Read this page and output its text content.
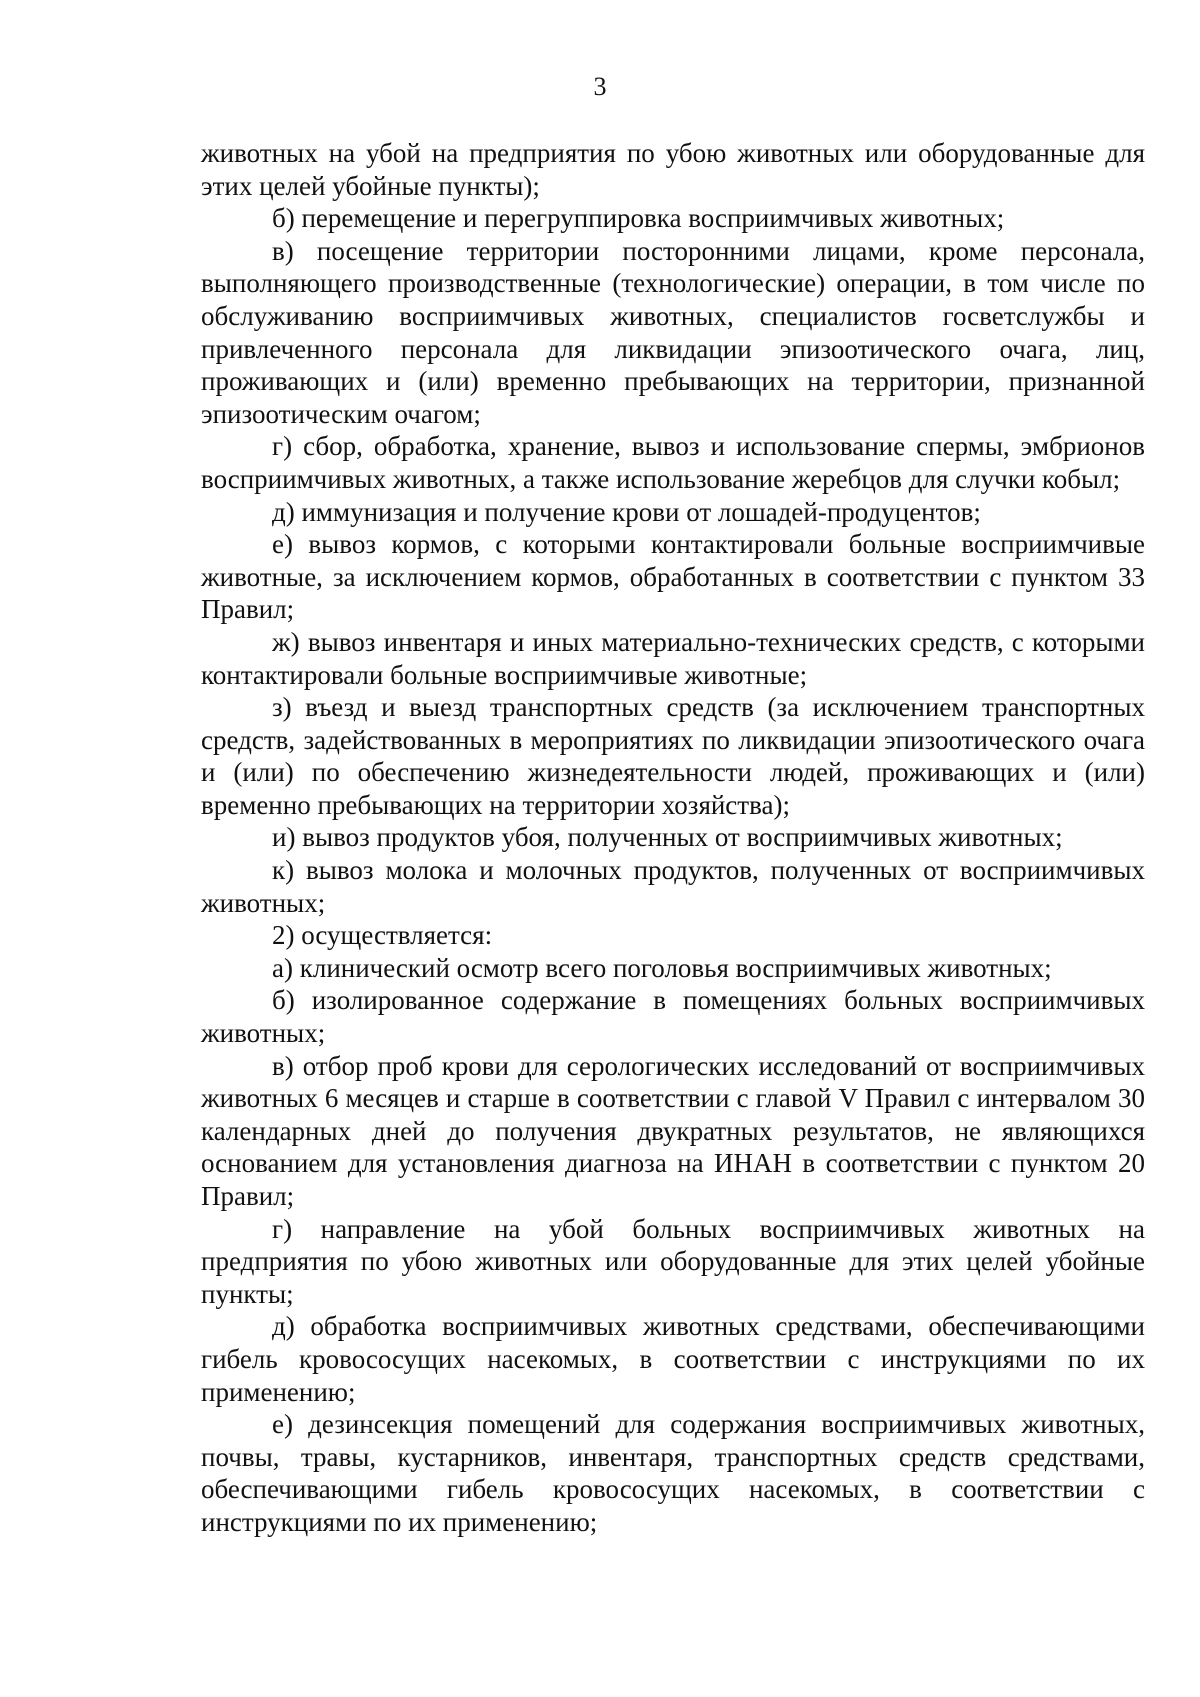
3

животных на убой на предприятия по убою животных или оборудованные для этих целей убойные пункты);

б) перемещение и перегруппировка восприимчивых животных;

в) посещение территории посторонними лицами, кроме персонала, выполняющего производственные (технологические) операции, в том числе по обслуживанию восприимчивых животных, специалистов госветслужбы и привлеченного персонала для ликвидации эпизоотического очага, лиц, проживающих и (или) временно пребывающих на территории, признанной эпизоотическим очагом;

г) сбор, обработка, хранение, вывоз и использование спермы, эмбрионов восприимчивых животных, а также использование жеребцов для случки кобыл;

д) иммунизация и получение крови от лошадей-продуцентов;

е) вывоз кормов, с которыми контактировали больные восприимчивые животные, за исключением кормов, обработанных в соответствии с пунктом 33 Правил;

ж) вывоз инвентаря и иных материально-технических средств, с которыми контактировали больные восприимчивые животные;

з) въезд и выезд транспортных средств (за исключением транспортных средств, задействованных в мероприятиях по ликвидации эпизоотического очага и (или) по обеспечению жизнедеятельности людей, проживающих и (или) временно пребывающих на территории хозяйства);

и) вывоз продуктов убоя, полученных от восприимчивых животных;

к) вывоз молока и молочных продуктов, полученных от восприимчивых животных;

2) осуществляется:

а) клинический осмотр всего поголовья восприимчивых животных;

б) изолированное содержание в помещениях больных восприимчивых животных;

в) отбор проб крови для серологических исследований от восприимчивых животных 6 месяцев и старше в соответствии с главой V Правил с интервалом 30 календарных дней до получения двукратных результатов, не являющихся основанием для установления диагноза на ИНАН в соответствии с пунктом 20 Правил;

г) направление на убой больных восприимчивых животных на предприятия по убою животных или оборудованные для этих целей убойные пункты;

д) обработка восприимчивых животных средствами, обеспечивающими гибель кровососущих насекомых, в соответствии с инструкциями по их применению;

е) дезинсекция помещений для содержания восприимчивых животных, почвы, травы, кустарников, инвентаря, транспортных средств средствами, обеспечивающими гибель кровососущих насекомых, в соответствии с инструкциями по их применению;
